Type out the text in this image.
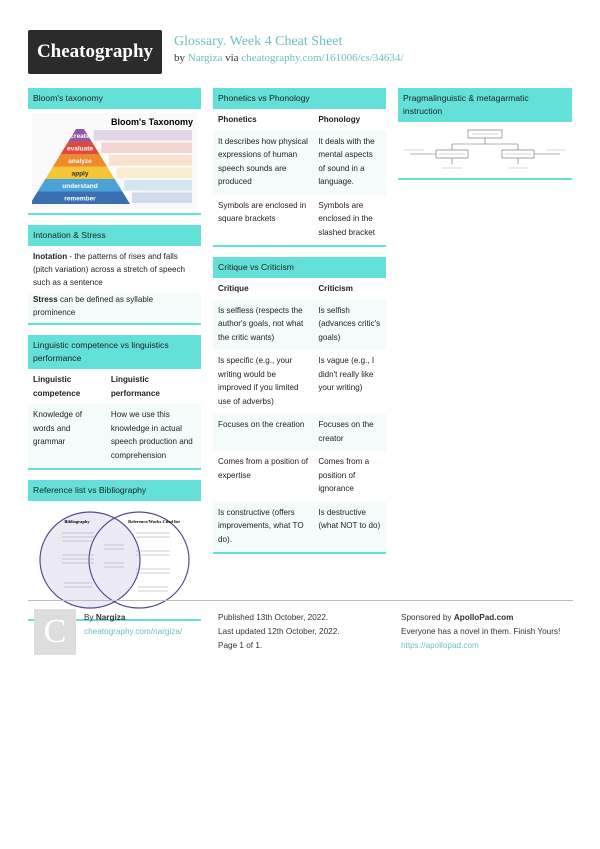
Cheatography	Glossary. Week 4 Cheat Sheet
by Nargiza via cheatography.com/161006/cs/34634/
Bloom's taxonomy
Bloom's Taxonomy
create
evaluate
analyze
apply
understand
remember
Intonation & Stress
Inotation - the patterns of rises and falls (pitch variation) across a stretch of speech such as a sentence
Stress can be defined as syllable prominence
Linguistic competence vs linguistics performance
Linguistic competence	Linguistic performance
Knowledge of words and grammar	How we use this knowledge in actual speech production and comprehension
Reference list vs Bibliography
Bibliography	Reference/Works Cited list
Phonetics vs Phonology
Phonetics	Phonology
It describes how physical expressions of human speech sounds are produced	It deals with the mental aspects of sound in a language.
Symbols are enclosed in square brackets	Symbols are enclosed in the slashed bracket
Critique vs Criticism
Critique	Criticism
Is selfless (respects the author's goals, not what the critic wants)	Is selfish (advances critic's goals)
Is specific (e.g., your writing would be improved if you limited use of adverbs)	Is vague (e.g., I didn't really like your writing)
Focuses on the creation	Focuses on the creator
Comes from a position of expertise	Comes from a position of ignorance
Is constructive (offers improvements, what TO do).	Is destructive (what NOT to do)
Pragmalinguistic & metagarmatic instruction
C	By Nargiza
cheatography.com/nargiza/
Published 13th October, 2022.
Last updated 12th October, 2022.
Page 1 of 1.
Sponsored by ApolloPad.com
Everyone has a novel in them. Finish Yours!
https://apollopad.com
